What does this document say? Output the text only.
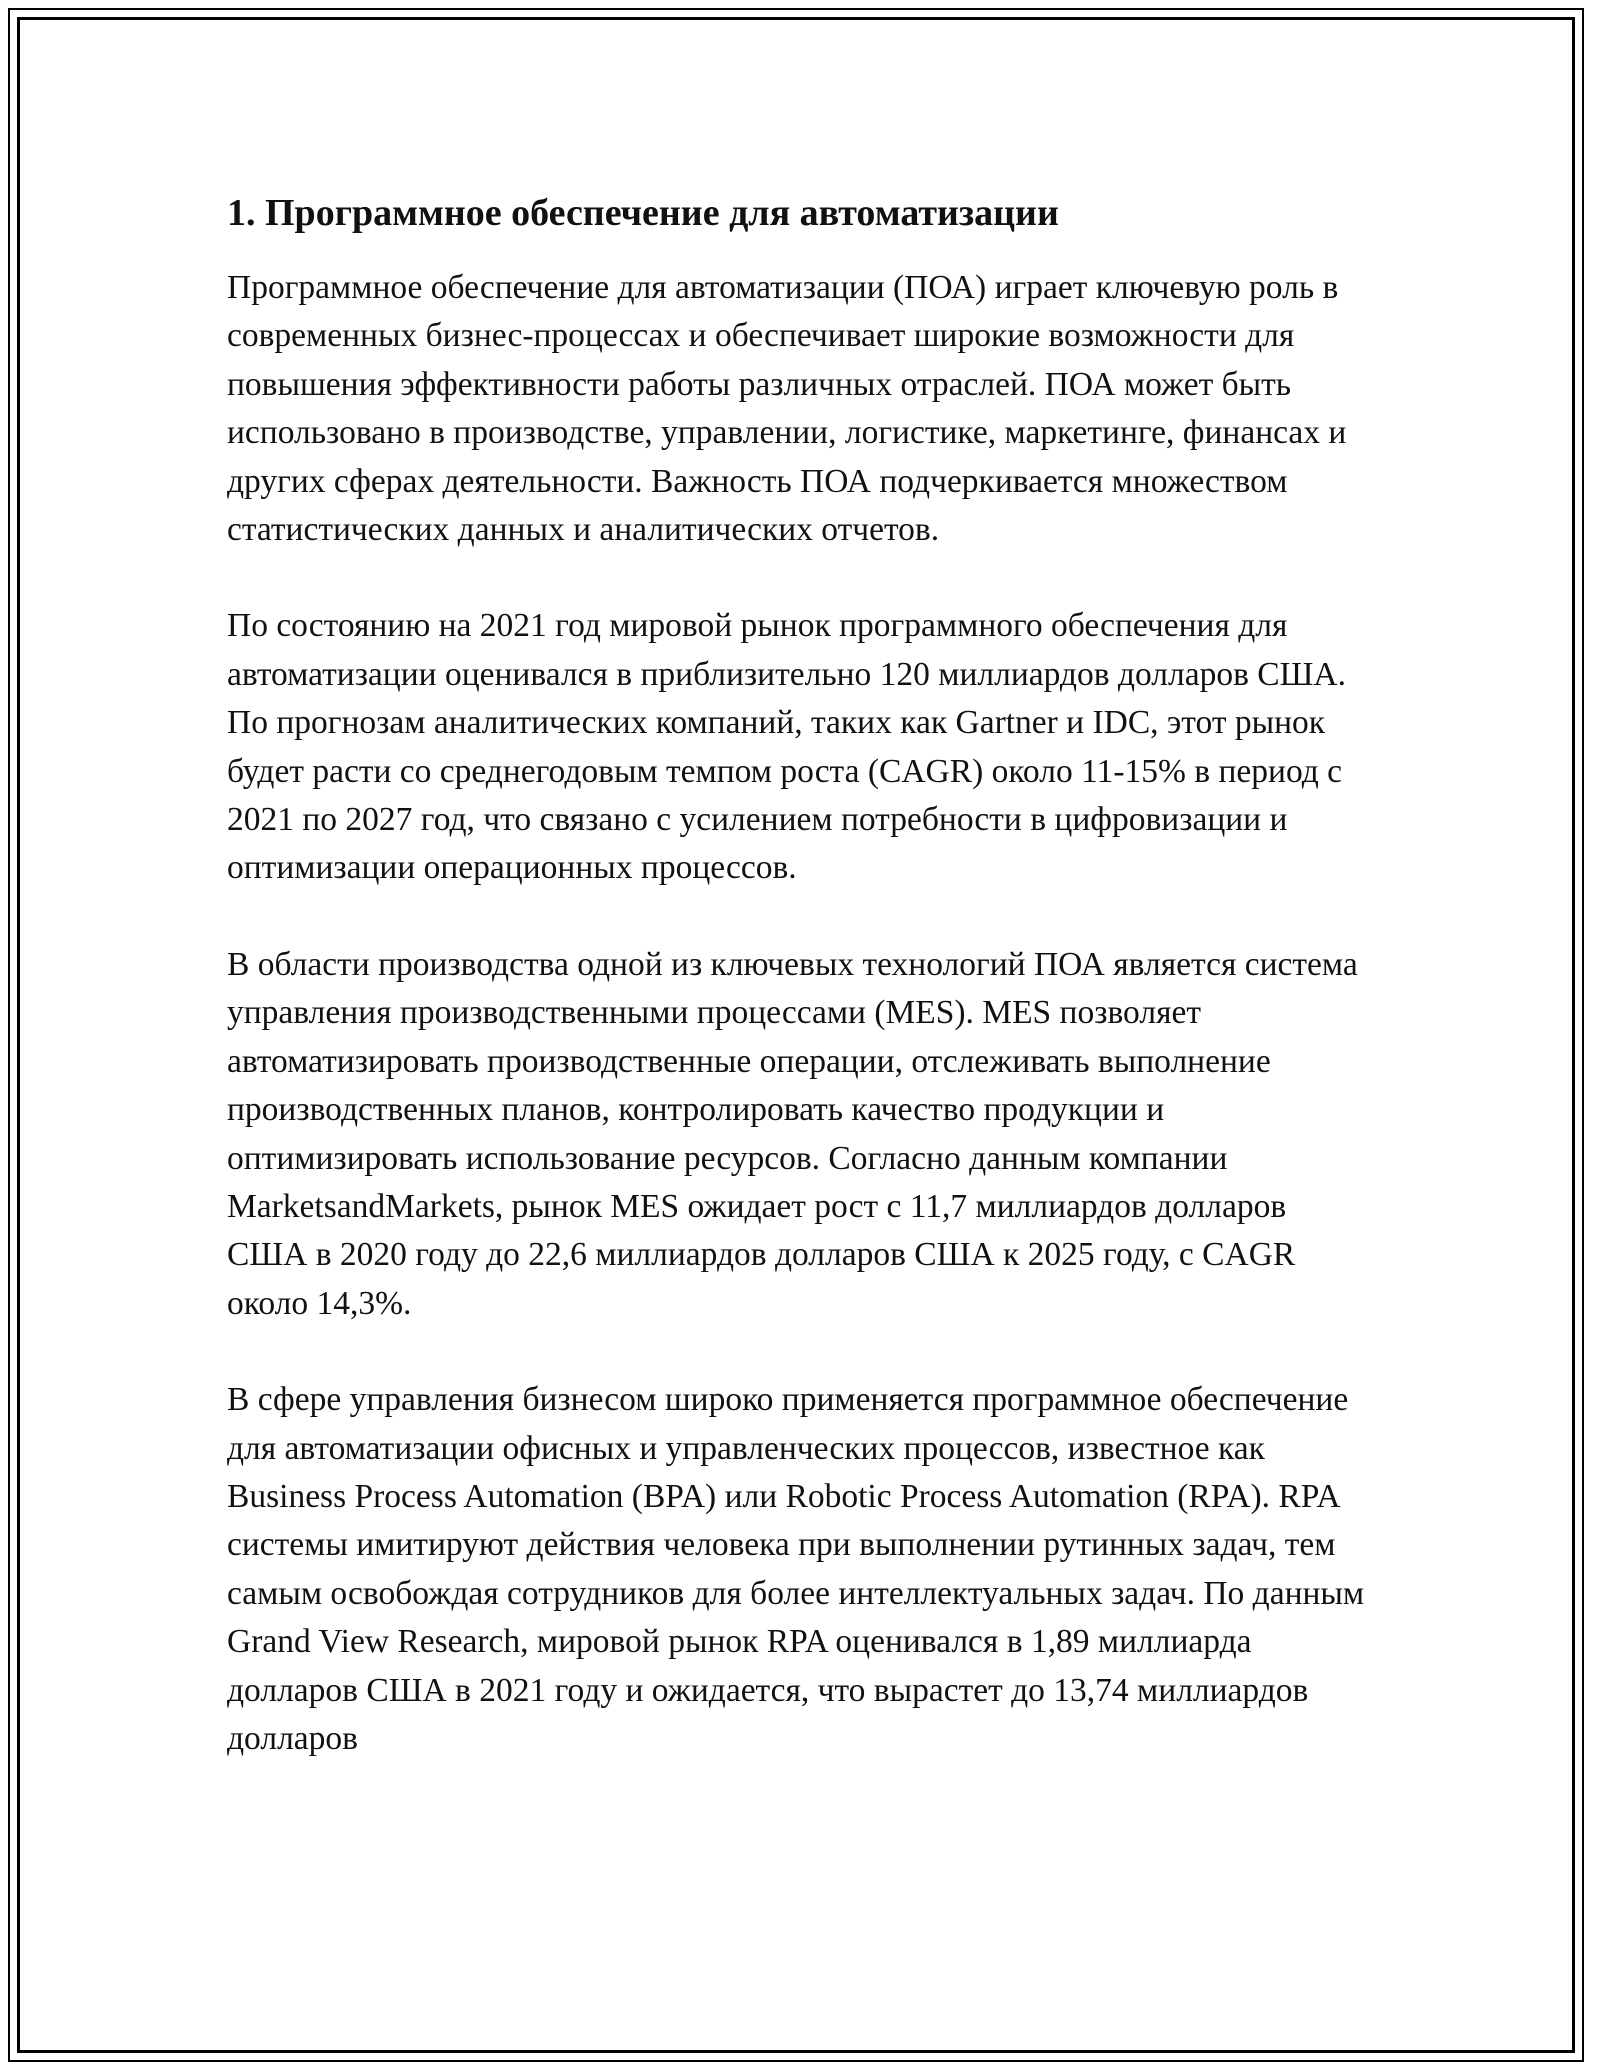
1. Программное обеспечение для автоматизации

Программное обеспечение для автоматизации (ПОА) играет ключевую роль в современных бизнес-процессах и обеспечивает широкие возможности для повышения эффективности работы различных отраслей. ПОА может быть использовано в производстве, управлении, логистике, маркетинге, финансах и других сферах деятельности. Важность ПОА подчеркивается множеством статистических данных и аналитических отчетов.

По состоянию на 2021 год мировой рынок программного обеспечения для автоматизации оценивался в приблизительно 120 миллиардов долларов США. По прогнозам аналитических компаний, таких как Gartner и IDC, этот рынок будет расти со среднегодовым темпом роста (CAGR) около 11-15% в период с 2021 по 2027 год, что связано с усилением потребности в цифровизации и оптимизации операционных процессов.

В области производства одной из ключевых технологий ПОА является система управления производственными процессами (MES). MES позволяет автоматизировать производственные операции, отслеживать выполнение производственных планов, контролировать качество продукции и оптимизировать использование ресурсов. Согласно данным компании MarketsandMarkets, рынок MES ожидает рост с 11,7 миллиардов долларов США в 2020 году до 22,6 миллиардов долларов США к 2025 году, с CAGR около 14,3%.

В сфере управления бизнесом широко применяется программное обеспечение для автоматизации офисных и управленческих процессов, известное как Business Process Automation (BPA) или Robotic Process Automation (RPA). RPA системы имитируют действия человека при выполнении рутинных задач, тем самым освобождая сотрудников для более интеллектуальных задач. По данным Grand View Research, мировой рынок RPA оценивался в 1,89 миллиарда долларов США в 2021 году и ожидается, что вырастет до 13,74 миллиардов долларов
